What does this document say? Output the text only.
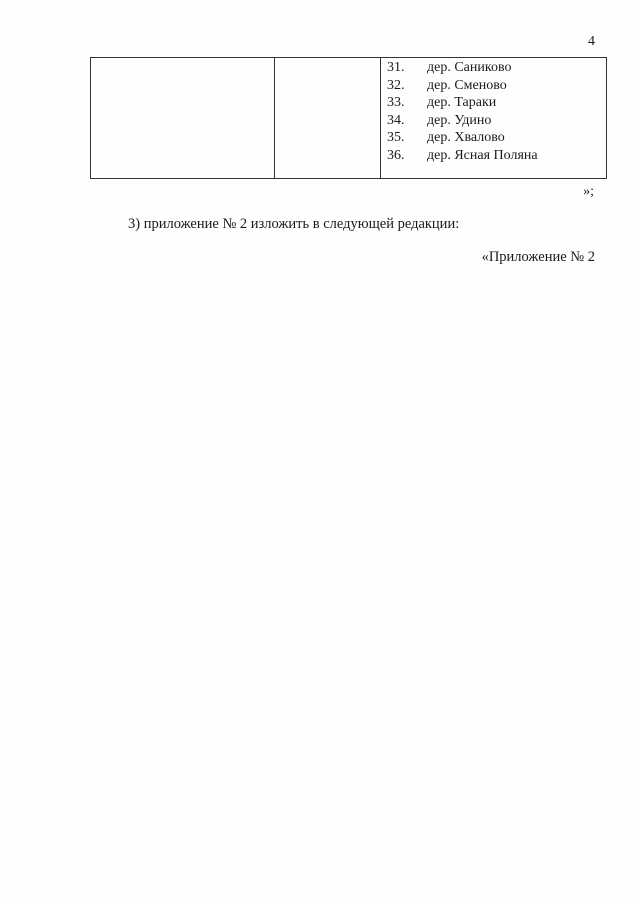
4
31.	дер. Саниково
32.	дер. Сменово
33.	дер. Тараки
34.	дер. Удино
35.	дер. Хвалово
36.	дер. Ясная Поляна
»;
3) приложение № 2 изложить в следующей редакции:
«Приложение № 2
